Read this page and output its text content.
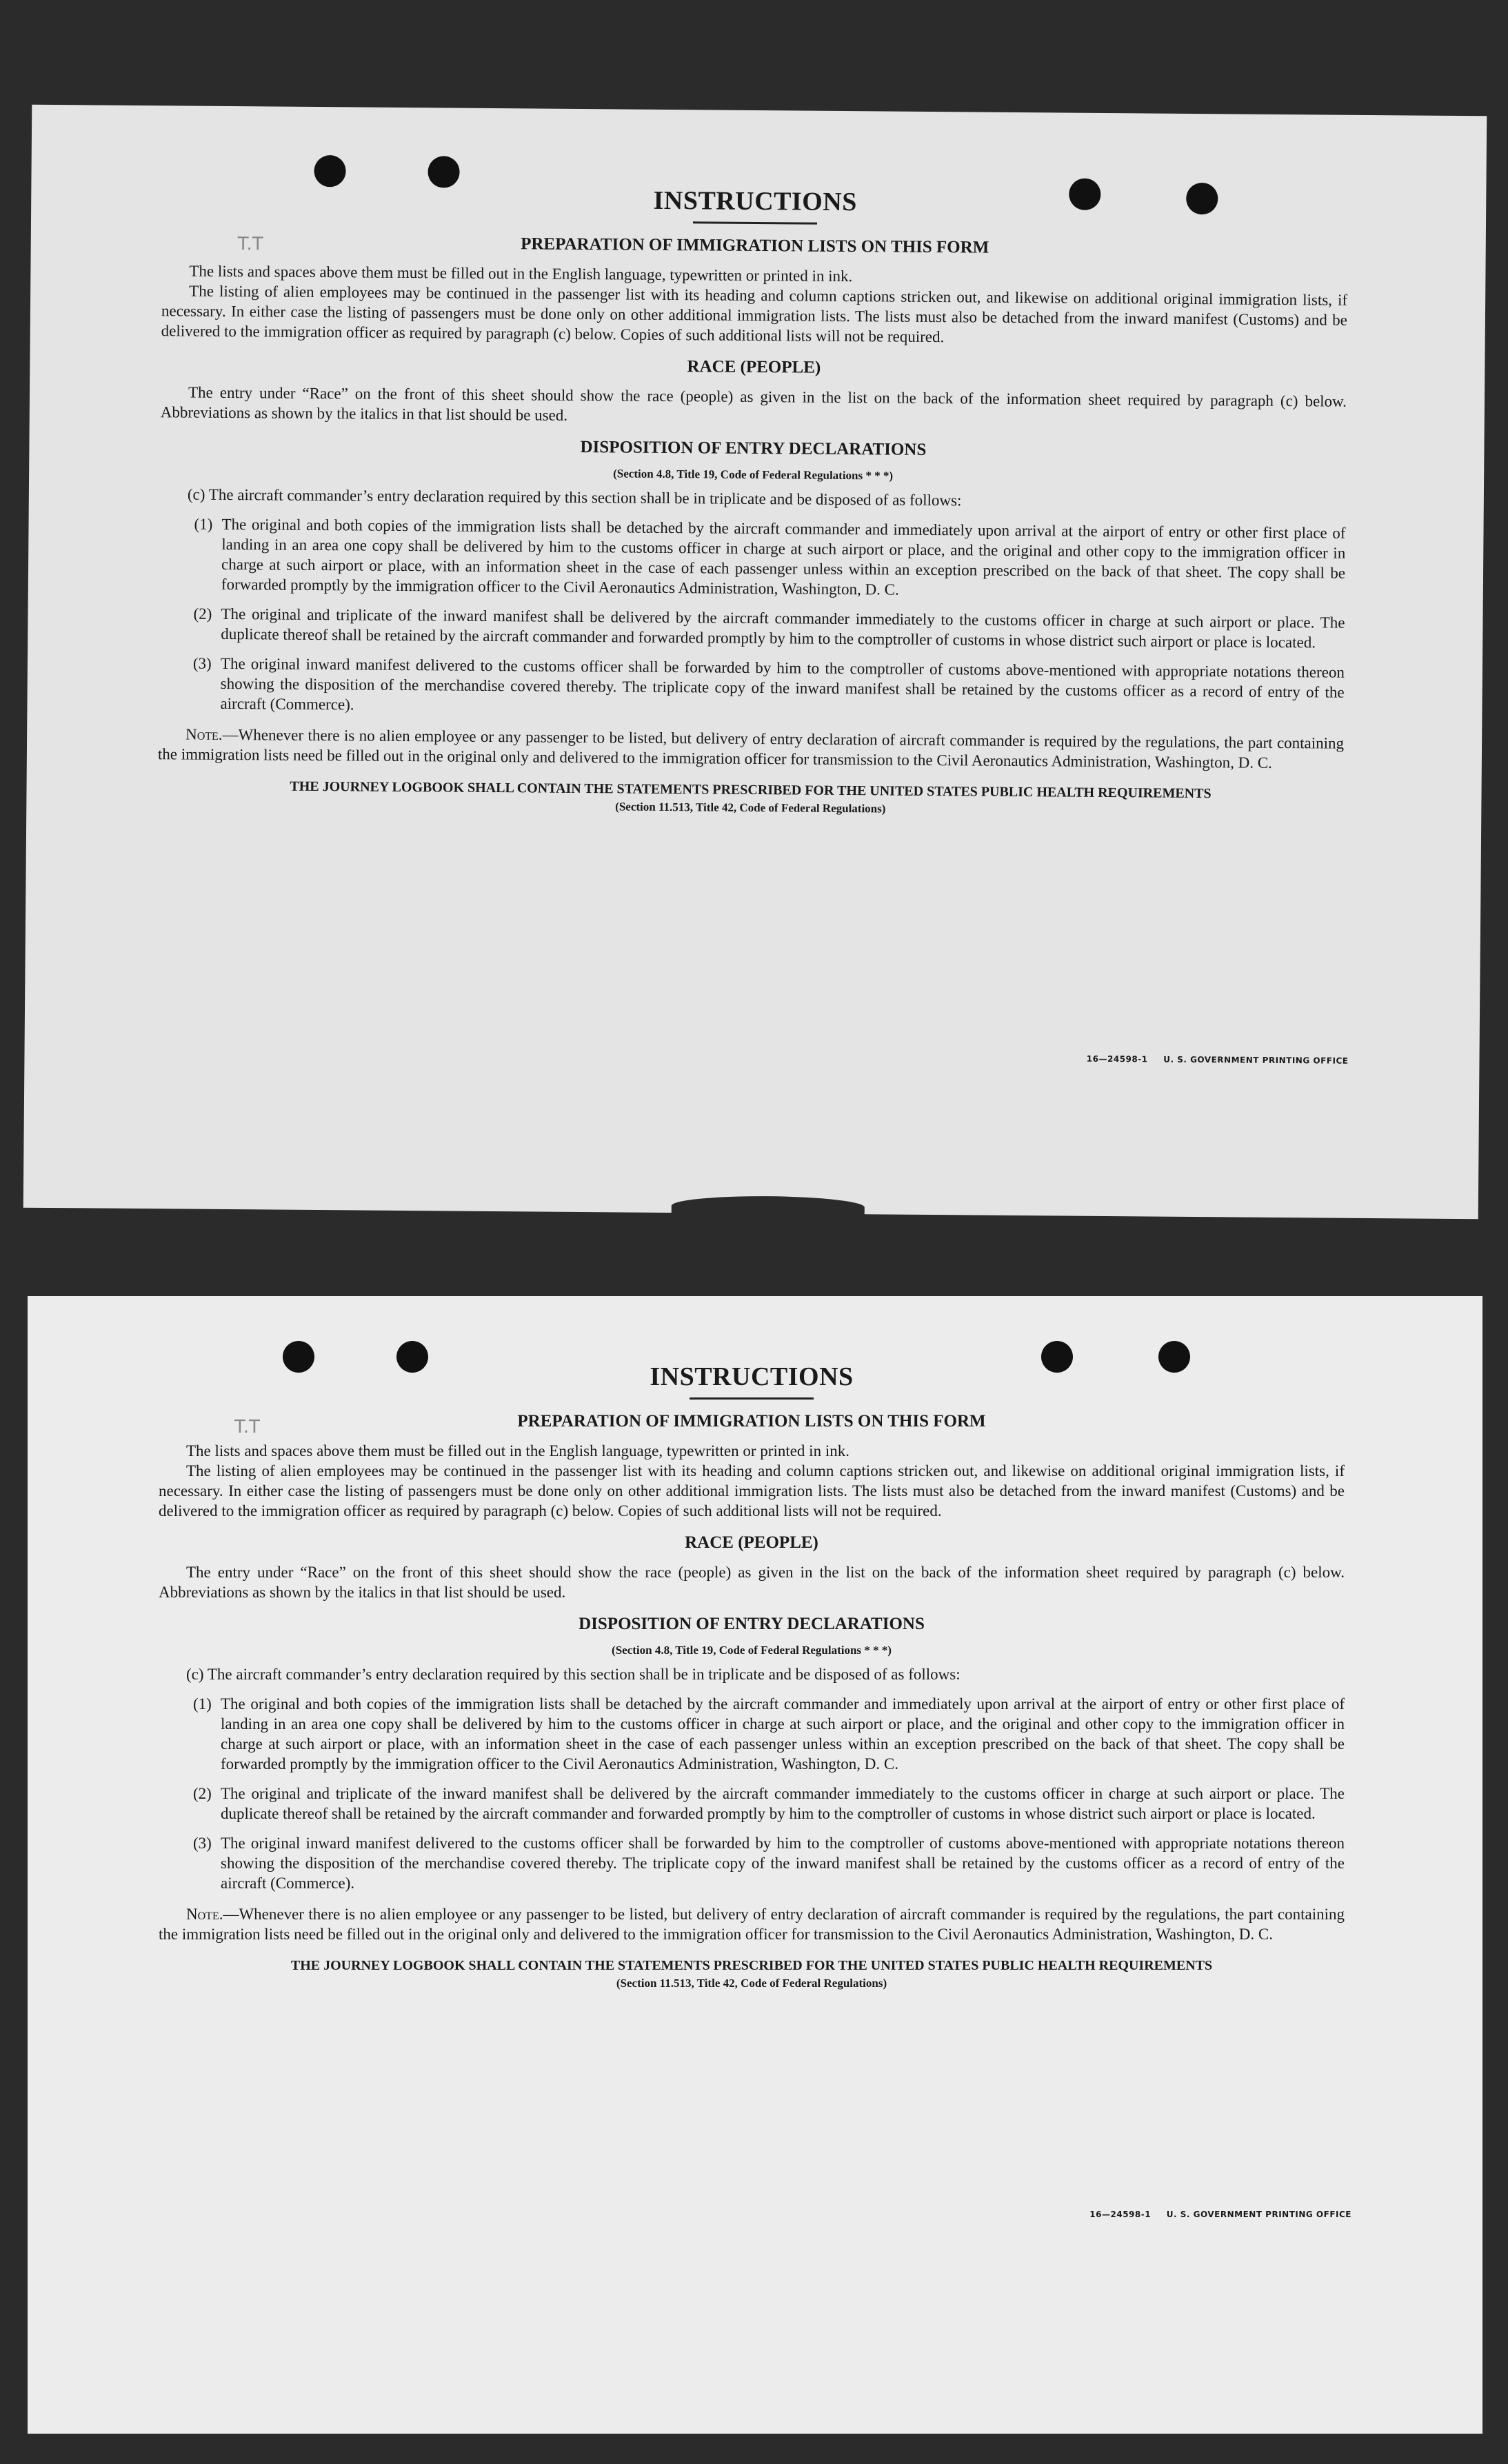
T.T
INSTRUCTIONS
PREPARATION OF IMMIGRATION LISTS ON THIS FORM

The lists and spaces above them must be filled out in the English language, typewritten or printed in ink.

The listing of alien employees may be continued in the passenger list with its heading and column captions stricken out, and likewise on additional original immigration lists, if necessary. In either case the listing of passengers must be done only on other additional immigration lists. The lists must also be detached from the inward manifest (Customs) and be delivered to the immigration officer as required by paragraph (c) below. Copies of such additional lists will not be required.

RACE (PEOPLE)

The entry under “Race” on the front of this sheet should show the race (people) as given in the list on the back of the information sheet required by paragraph (c) below. Abbreviations as shown by the italics in that list should be used.

DISPOSITION OF ENTRY DECLARATIONS
(Section 4.8, Title 19, Code of Federal Regulations * * *)

(c) The aircraft commander’s entry declaration required by this section shall be in triplicate and be disposed of as follows:

(1) The original and both copies of the immigration lists shall be detached by the aircraft commander and immediately upon arrival at the airport of entry or other first place of landing in an area one copy shall be delivered by him to the customs officer in charge at such airport or place, and the original and other copy to the immigration officer in charge at such airport or place, with an information sheet in the case of each passenger unless within an exception prescribed on the back of that sheet. The copy shall be forwarded promptly by the immigration officer to the Civil Aeronautics Administration, Washington, D. C.

(2) The original and triplicate of the inward manifest shall be delivered by the aircraft commander immediately to the customs officer in charge at such airport or place. The duplicate thereof shall be retained by the aircraft commander and forwarded promptly by him to the comptroller of customs in whose district such airport or place is located.

(3) The original inward manifest delivered to the customs officer shall be forwarded by him to the comptroller of customs above-mentioned with appropriate notations thereon showing the disposition of the merchandise covered thereby. The triplicate copy of the inward manifest shall be retained by the customs officer as a record of entry of the aircraft (Commerce).

Note.—Whenever there is no alien employee or any passenger to be listed, but delivery of entry declaration of aircraft commander is required by the regulations, the part containing the immigration lists need be filled out in the original only and delivered to the immigration officer for transmission to the Civil Aeronautics Administration, Washington, D. C.

THE JOURNEY LOGBOOK SHALL CONTAIN THE STATEMENTS PRESCRIBED FOR THE UNITED STATES PUBLIC HEALTH REQUIREMENTS
(Section 11.513, Title 42, Code of Federal Regulations)
16—24598-1 U. S. GOVERNMENT PRINTING OFFICE
T.T
INSTRUCTIONS
PREPARATION OF IMMIGRATION LISTS ON THIS FORM

The lists and spaces above them must be filled out in the English language, typewritten or printed in ink.

The listing of alien employees may be continued in the passenger list with its heading and column captions stricken out, and likewise on additional original immigration lists, if necessary. In either case the listing of passengers must be done only on other additional immigration lists. The lists must also be detached from the inward manifest (Customs) and be delivered to the immigration officer as required by paragraph (c) below. Copies of such additional lists will not be required.

RACE (PEOPLE)

The entry under “Race” on the front of this sheet should show the race (people) as given in the list on the back of the information sheet required by paragraph (c) below. Abbreviations as shown by the italics in that list should be used.

DISPOSITION OF ENTRY DECLARATIONS
(Section 4.8, Title 19, Code of Federal Regulations * * *)

(c) The aircraft commander’s entry declaration required by this section shall be in triplicate and be disposed of as follows:

(1) The original and both copies of the immigration lists shall be detached by the aircraft commander and immediately upon arrival at the airport of entry or other first place of landing in an area one copy shall be delivered by him to the customs officer in charge at such airport or place, and the original and other copy to the immigration officer in charge at such airport or place, with an information sheet in the case of each passenger unless within an exception prescribed on the back of that sheet. The copy shall be forwarded promptly by the immigration officer to the Civil Aeronautics Administration, Washington, D. C.

(2) The original and triplicate of the inward manifest shall be delivered by the aircraft commander immediately to the customs officer in charge at such airport or place. The duplicate thereof shall be retained by the aircraft commander and forwarded promptly by him to the comptroller of customs in whose district such airport or place is located.

(3) The original inward manifest delivered to the customs officer shall be forwarded by him to the comptroller of customs above-mentioned with appropriate notations thereon showing the disposition of the merchandise covered thereby. The triplicate copy of the inward manifest shall be retained by the customs officer as a record of entry of the aircraft (Commerce).

Note.—Whenever there is no alien employee or any passenger to be listed, but delivery of entry declaration of aircraft commander is required by the regulations, the part containing the immigration lists need be filled out in the original only and delivered to the immigration officer for transmission to the Civil Aeronautics Administration, Washington, D. C.

THE JOURNEY LOGBOOK SHALL CONTAIN THE STATEMENTS PRESCRIBED FOR THE UNITED STATES PUBLIC HEALTH REQUIREMENTS
(Section 11.513, Title 42, Code of Federal Regulations)
16—24598-1 U. S. GOVERNMENT PRINTING OFFICE
